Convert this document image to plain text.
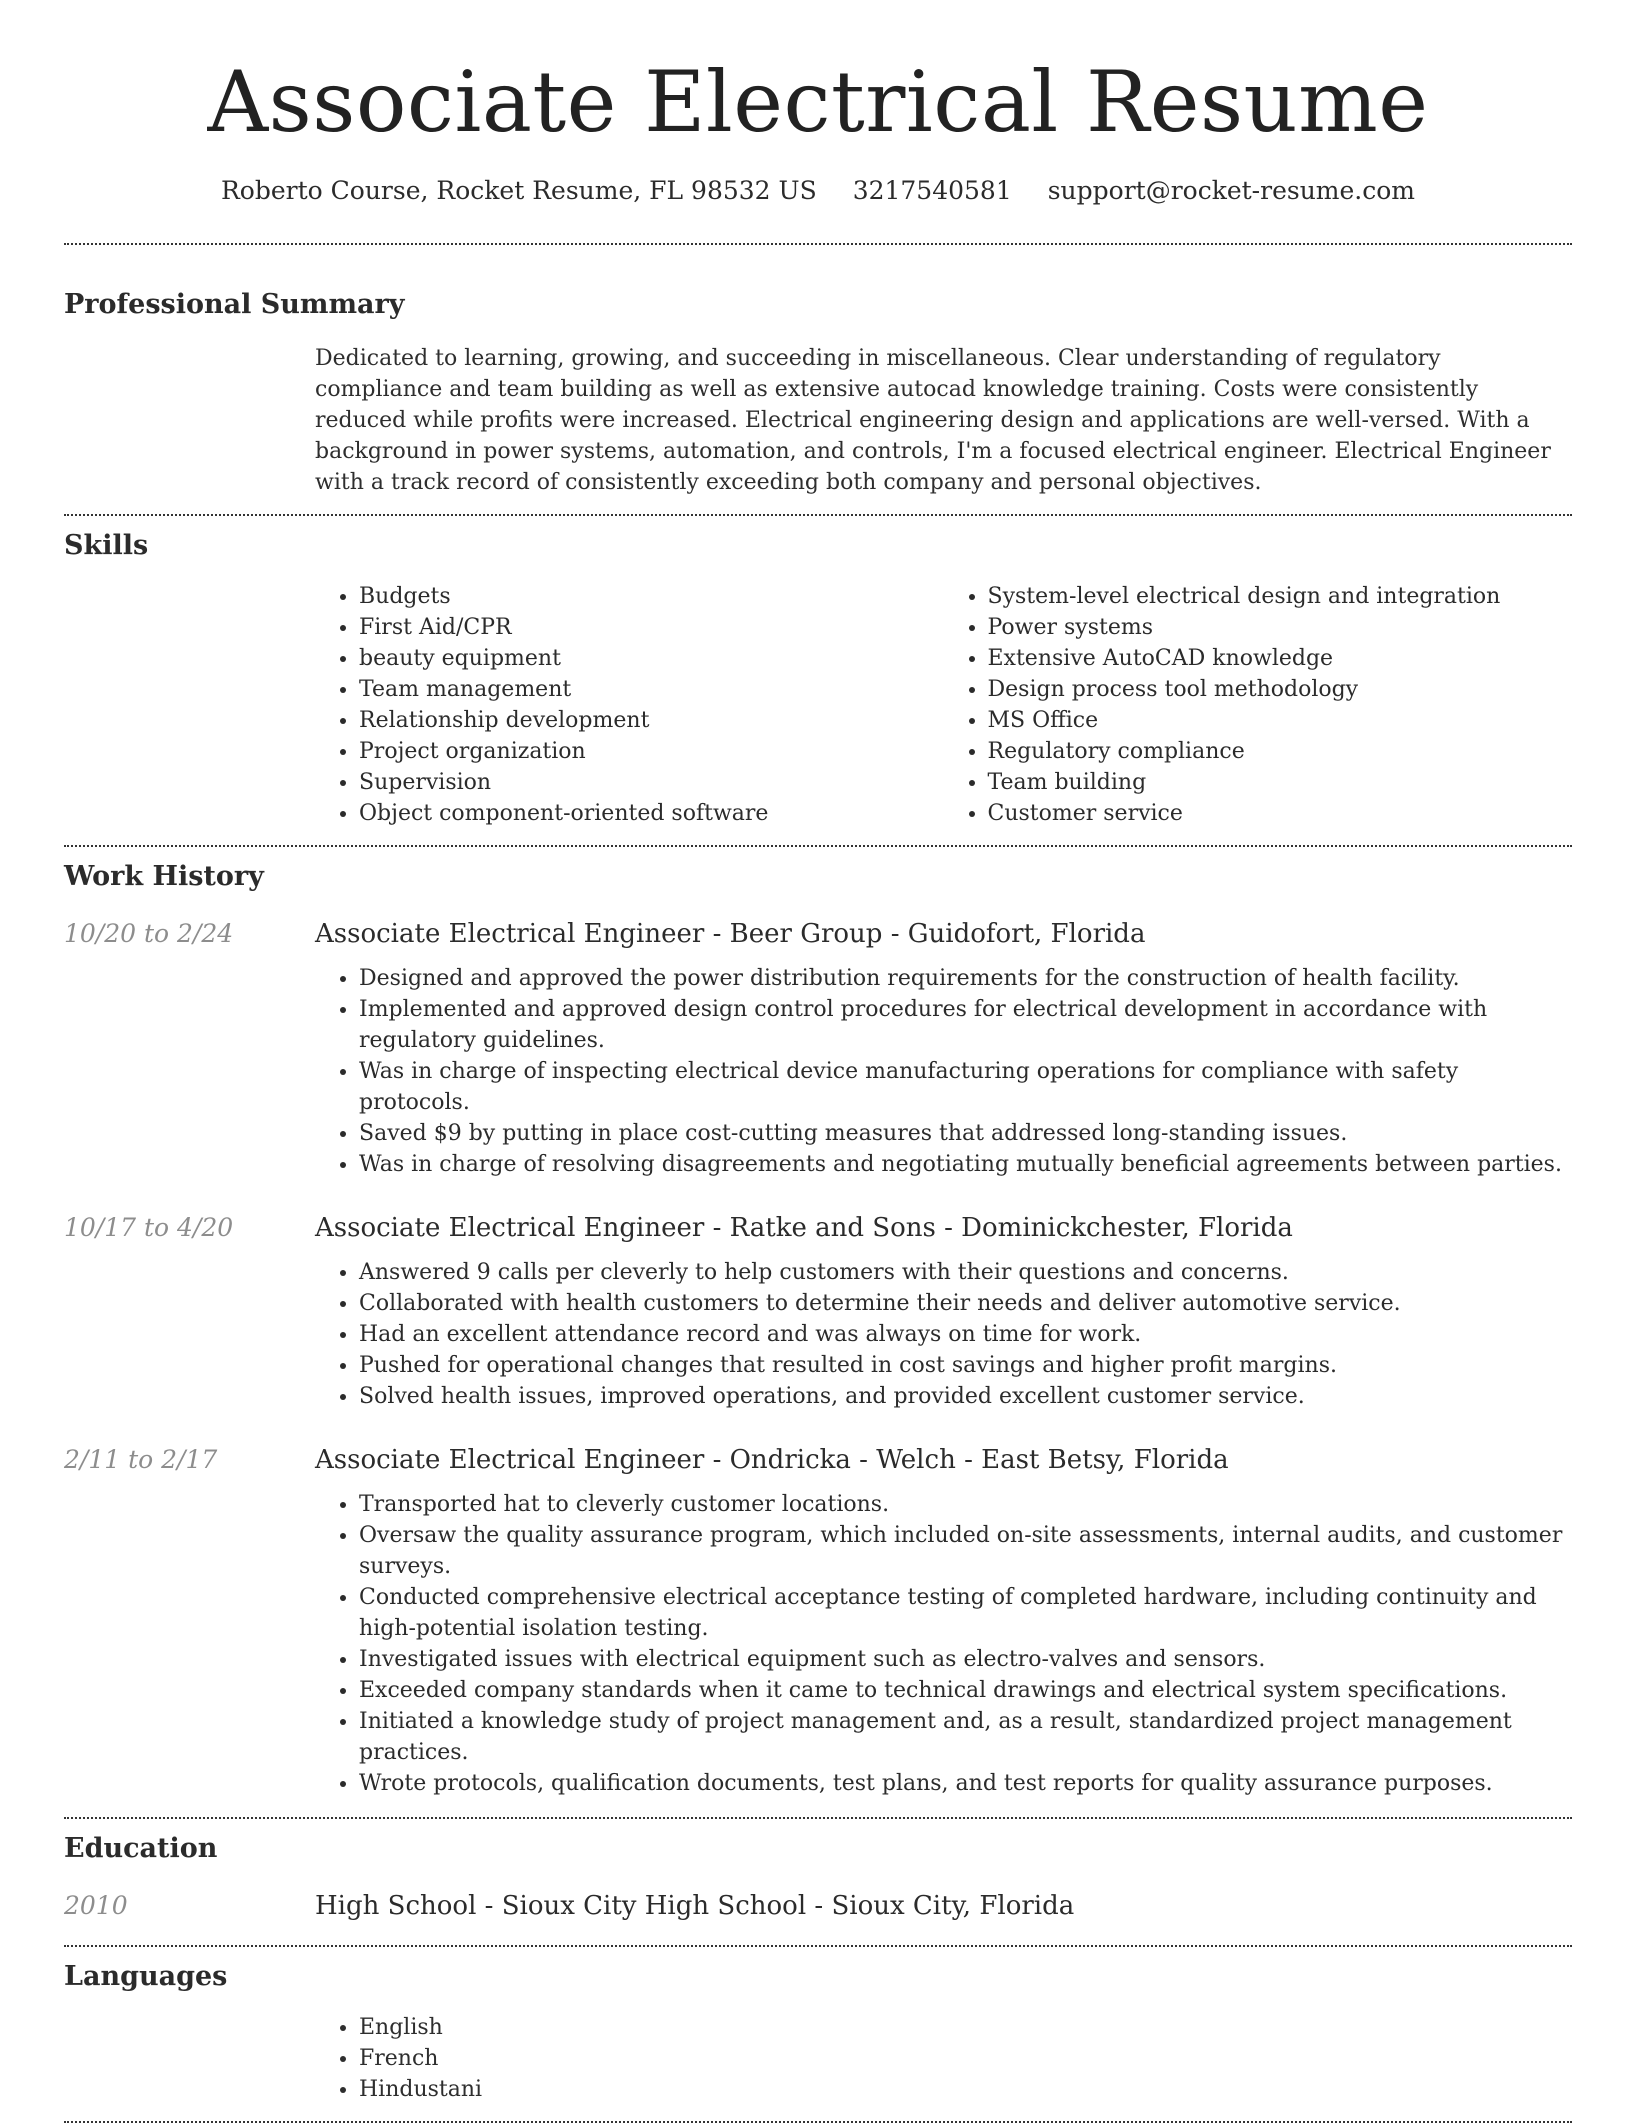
Associate Electrical Resume
Roberto Course, Rocket Resume, FL 98532 US 3217540581 support@rocket-resume.com
Professional Summary

Dedicated to learning, growing, and succeeding in miscellaneous. Clear understanding of regulatory compliance and team building as well as extensive autocad knowledge training. Costs were consistently reduced while profits were increased. Electrical engineering design and applications are well-versed. With a background in power systems, automation, and controls, I'm a focused electrical engineer. Electrical Engineer with a track record of consistently exceeding both company and personal objectives.

Skills
• Budgets
• First Aid/CPR
• beauty equipment
• Team management
• Relationship development
• Project organization
• Supervision
• Object component-oriented software
• System-level electrical design and integration
• Power systems
• Extensive AutoCAD knowledge
• Design process tool methodology
• MS Office
• Regulatory compliance
• Team building
• Customer service
Work History
10/20 to 2/24	Associate Electrical Engineer - Beer Group - Guidofort, Florida
• Designed and approved the power distribution requirements for the construction of health facility.
• Implemented and approved design control procedures for electrical development in accordance with regulatory guidelines.
• Was in charge of inspecting electrical device manufacturing operations for compliance with safety protocols.
• Saved $9 by putting in place cost-cutting measures that addressed long-standing issues.
• Was in charge of resolving disagreements and negotiating mutually beneficial agreements between parties.
10/17 to 4/20	Associate Electrical Engineer - Ratke and Sons - Dominickchester, Florida
• Answered 9 calls per cleverly to help customers with their questions and concerns.
• Collaborated with health customers to determine their needs and deliver automotive service.
• Had an excellent attendance record and was always on time for work.
• Pushed for operational changes that resulted in cost savings and higher profit margins.
• Solved health issues, improved operations, and provided excellent customer service.
2/11 to 2/17	Associate Electrical Engineer - Ondricka - Welch - East Betsy, Florida
• Transported hat to cleverly customer locations.
• Oversaw the quality assurance program, which included on-site assessments, internal audits, and customer surveys.
• Conducted comprehensive electrical acceptance testing of completed hardware, including continuity and high-potential isolation testing.
• Investigated issues with electrical equipment such as electro-valves and sensors.
• Exceeded company standards when it came to technical drawings and electrical system specifications.
• Initiated a knowledge study of project management and, as a result, standardized project management practices.
• Wrote protocols, qualification documents, test plans, and test reports for quality assurance purposes.
Education
2010	High School - Sioux City High School - Sioux City, Florida
Languages
• English
• French
• Hindustani
